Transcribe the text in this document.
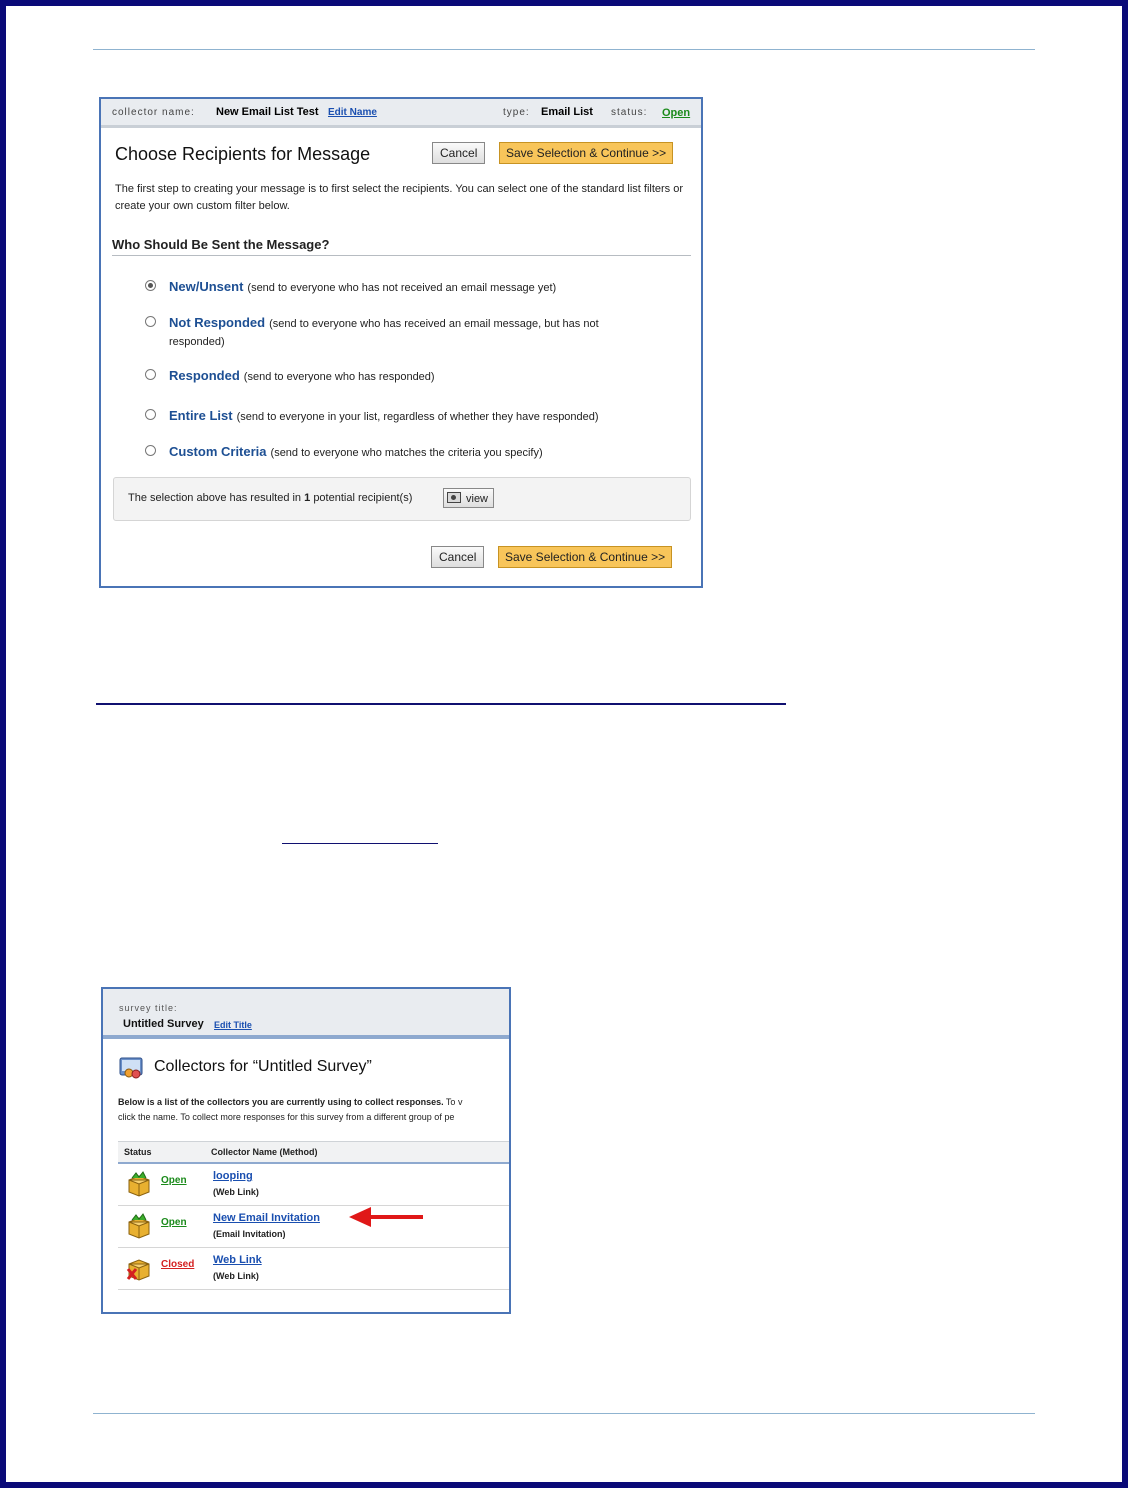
collector name: New Email List Test Edit Name	type: Email List status: Open
Choose Recipients for Message	Cancel	Save Selection & Continue >>
The first step to creating your message is to first select the recipients. You can select one of the standard list filters or create your own custom filter below.
Who Should Be Sent the Message?
New/Unsent (send to everyone who has not received an email message yet)
Not Responded (send to everyone who has received an email message, but has not responded)
Responded (send to everyone who has responded)
Entire List (send to everyone in your list, regardless of whether they have responded)
Custom Criteria (send to everyone who matches the criteria you specify)
The selection above has resulted in 1 potential recipient(s)	view
Cancel	Save Selection & Continue >>
survey title:
Untitled Survey Edit Title
Collectors for “Untitled Survey”
Below is a list of the collectors you are currently using to collect responses. To v
click the name. To collect more responses for this survey from a different group of pe
Status	Collector Name (Method)
Open looping
(Web Link)
Open New Email Invitation
(Email Invitation)
Closed Web Link
(Web Link)
